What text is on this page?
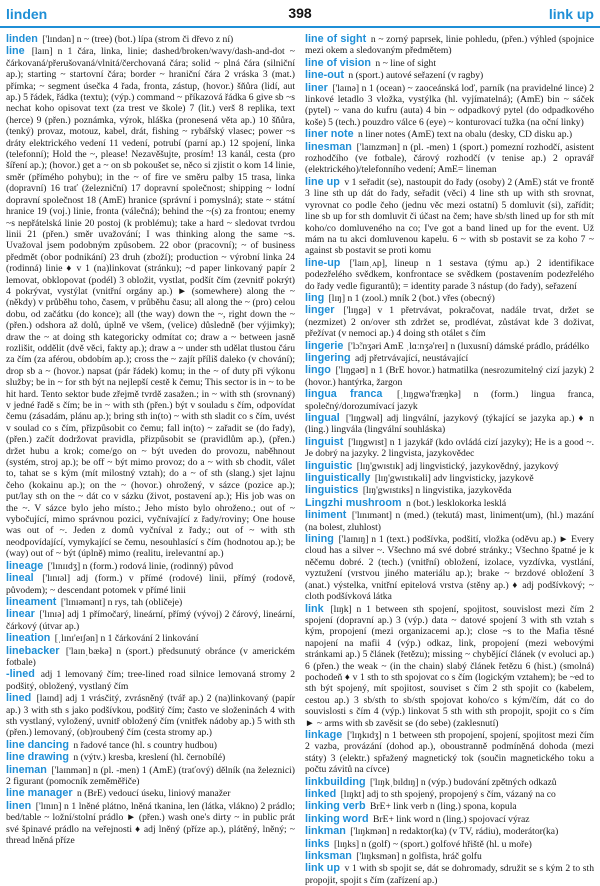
linden	398	link up

linden ['lɪndən] n ~ (tree) (bot.) lípa (strom či dřevo z ní)

line [laɪn] n 1 čára, linka, linie; dashed/broken/wavy/dash-and-dot ~ čárkovaná/přerušovaná/vlnitá/čerchovaná čára; solid ~ plná čára (silniční ap.); starting ~ startovní čára; border ~ hraniční čára 2 vráska 3 (mat.) přímka; ~ segment úsečka 4 řada, fronta, zástup, (hovor.) šňůra (lidí, aut ap.) 5 řádek, řádka (textu); (výp.) command ~ příkazová řádka 6 give sb ~s nechat koho opisovat text (za trest ve škole) 7 (lit.) verš 8 replika, text (herce) 9 (přen.) poznámka, výrok, hláška (pronesená věta ap.) 10 šňůra, (tenký) provaz, motouz, kabel, drát, fishing ~ rybářský vlasec; power ~s dráty elektrického vedení 11 vedení, potrubí (parní ap.) 12 spojení, linka (telefonní); Hold the ~, please! Nezavěšujte, prosím! 13 kanál, cesta (pro šíření ap.); (hovor.) get a ~ on sb pokoušet se, něco si zjistit o kom 14 linie, směr (přímého pohybu); in the ~ of fire ve směru palby 15 trasa, linka (dopravní) 16 trať (železniční) 17 dopravní společnost; shipping ~ lodní dopravní společnost 18 (AmE) hranice (správní i pomyslná); state ~ státní hranice 19 (voj.) linie, fronta (válečná); behind the ~(s) za frontou; enemy ~s nepřátelská linie 20 postoj (k problému); take a hard ~ sledovat tvrdou linii 21 (přen.) směr uvažování; I was thinking along the same ~s. Uvažoval jsem podobným způsobem. 22 obor (pracovní); ~ of business předmět (obor podnikání) 23 druh (zboží); production ~ výrobní linka 24 (rodinná) linie ♦ v 1 (na)linkovat (stránku); ~d paper linkovaný papír 2 lemovat, obklopovat (podél) 3 obložit, vystlat, podšít čím (zevnitř pokrýt) 4 pokrývat, vystýlat (vnitřní orgány ap.) ► (somewhere) along the ~ (někdy) v průběhu toho, časem, v průběhu času; all along the ~ (pro) celou dobu, od začátku (do konce); all (the way) down the ~, right down the ~ (přen.) odshora až dolů, úplně ve všem, (velice) důsledně (ber výjimky); draw the ~ at doing sth kategoricky odmítat co; draw a ~ between jasně rozlišit, oddělit (dvě věci, fakty ap.); draw a ~ under sth udělat tlustou čáru za čím (za aférou, obdobím ap.); cross the ~ zajít příliš daleko (v chování); drop sb a ~ (hovor.) napsat (pár řádek) komu; in the ~ of duty při výkonu služby; be in ~ for sth být na nejlepší cestě k čemu; This sector is in ~ to be hit hard. Tento sektor bude zřejmě tvrdě zasažen.; in ~ with sth (srovnaný) v jedné řadě s čím; be in ~ with sth (přen.) být v souladu s čím, odpovídat čemu (zásadám, plánu ap.); bring sth in(to) ~ with sth sladit co s čím, uvést v soulad co s čím, přizpůsobit co čemu; fall in(to) ~ zařadit se (do řady), (přen.) začít dodržovat pravidla, přizpůsobit se (pravidlům ap.), (přen.) držet hubu a krok; come/go on ~ být uveden do provozu, naběhnout (systém, stroj ap.); be off ~ být mimo provoz; do a ~ with sb chodit, válet to, tahat se s kým (mít milostný vztah); do a ~ of sth (slang.) sjet lajnu čeho (kokainu ap.); on the ~ (hovor.) ohrožený, v sázce (pozice ap.); put/lay sth on the ~ dát co v sázku (život, postavení ap.); His job was on the ~. V sázce bylo jeho místo.; Jeho místo bylo ohroženo.; out of ~ vybočující, mimo správnou pozici, vyčnívající z řady/roviny; One house was out of ~. Jeden z domů vyčníval z řady.; out of ~ with sth neodpovídající, vymykající se čemu, nesouhlasící s čím (hodnotou ap.); be (way) out of ~ být (úplně) mimo (realitu, irelevantní ap.)

lineage ['lɪnɪɪdʒ] n (form.) rodová linie, (rodinný) původ

lineal ['lɪnɪəl] adj (form.) v přímé (rodové) linii, přímý (rodově, původem); ~ descendant potomek v přímé linii

lineament ['lɪnɪəmənt] n rys, tah (obličeje)

linear ['lɪnɪə] adj 1 přímočarý, lineární, přímý (vývoj) 2 čárový, lineární, čárkový (útvar ap.)

lineation [ˌlɪnɪ'eɪʃən] n 1 čárkování 2 linkování

linebacker ['laɪnˌbækə] n (sport.) předsunutý obránce (v americkém fotbale)

-lined adj 1 lemovaný čím; tree-lined road silnice lemovaná stromy 2 podšitý, obložený, vystlaný čím

lined [laɪnd] adj 1 vrásčitý, zvrásněný (tvář ap.) 2 (na)linkovaný (papír ap.) 3 with sth s jako podšívkou, podšitý čím; často ve složeninách 4 with sth vystlaný, vyložený, uvnitř obložený čím (vnitřek nádoby ap.) 5 with sth (přen.) lemovaný, (ob)roubený čím (cesta stromy ap.)

line dancing n řadové tance (hl. s country hudbou)

line drawing n (výtv.) kresba, kreslení (hl. černobílé)

lineman ['laɪnmən] n (pl. -men) 1 (AmE) (traťový) dělník (na železnici) 2 figurant (pomocník zeměměřiče)

line manager n (BrE) vedoucí úseku, liniový manažer

linen ['lɪnɪn] n 1 lněné plátno, lněná tkanina, len (látka, vlákno) 2 prádlo; bed/table ~ ložní/stolní prádlo ► (přen.) wash one's dirty ~ in public prát své špinavé prádlo na veřejnosti ♦ adj lněný (příze ap.), plátěný, lněný; ~ thread lněná příze

line of sight n ~ zorný paprsek, linie pohledu, (přen.) výhled (spojnice mezi okem a sledovaným předmětem)

line of vision n ~ line of sight

line-out n (sport.) autové seřazení (v ragby)

liner ['laɪnə] n 1 (ocean) ~ zaoceánská loď, parník (na pravidelné lince) 2 linkové letadlo 3 vložka, vystýlka (hl. vyjímatelná); (AmE) bin ~ sáček (pytel) ~ vana do kufru (auta) 4 bin ~ odpadkový pytel (do odpadkového koše) 5 (tech.) pouzdro válce 6 (eye) ~ konturovací tužka (na oční linky)

liner note n liner notes (AmE) text na obalu (desky, CD disku ap.)

linesman ['laɪnzmən] n (pl. -men) 1 (sport.) pomezní rozhodčí, asistent rozhodčího (ve fotbale), čárový rozhodčí (v tenise ap.) 2 opravář (elektrického)/telefonního vedení; AmE= lineman

line up v 1 seřadit (se), nastoupit do řady (osoby) 2 (AmE) stát ve frontě 3 line sth up dát do řady, seřadit (věci) 4 line sth up with sth srovnat, vyrovnat co podle čeho (jednu věc mezi ostatní) 5 domluvit (si), zařídit; line sb up for sth domluvit či účast na čem; have sb/sth lined up for sth mít koho/co domluveného na co; I've got a band lined up for the event. Už mám na tu akci domluvenou kapelu. 6 ~ with sb postavit se za koho 7 ~ against sb postavit se proti komu

line-up ['laɪnˌʌp], lineup n 1 sestava (týmu ap.) 2 identifikace podezřelého svědkem, konfrontace se svědkem (postavením podezřelého do řady vedle figurantů); = identity parade 3 nástup (do řady), seřazení

ling [lɪŋ] n 1 (zool.) mník 2 (bot.) vřes (obecný)

linger ['lɪŋgə] v 1 přetrvávat, pokračovat, nadále trvat, držet se (nezmizet) 2 on/over sth zdržet se, prodlévat, zůstávat kde 3 doživat, přežívat (v nemoci ap.) 4 doing sth otálet s čím

lingerie ['lɔ̃ːnʒəri AmE ˌlɑːnʒə'reɪ] n (luxusní) dámské prádlo, prádélko

lingering adj přetrvávající, neustávající

lingo ['lɪŋgəʊ] n 1 (BrE hovor.) hatmatilka (nesrozumitelný cizí jazyk) 2 (hovor.) hantýrka, žargon

lingua franca [ˌlɪŋgwə'fræŋkə] n (form.) lingua franca, společný/dorozumívací jazyk

lingual ['lɪŋgwəl] adj lingvální, jazykový (týkající se jazyka ap.) ♦ n (ling.) lingvála (lingvální souhláska)

linguist ['lɪŋgwɪst] n 1 jazykář (kdo ovládá cizí jazyky); He is a good ~. Je dobrý na jazyky. 2 lingvista, jazykovědec

linguistic [lɪŋ'gwɪstɪk] adj lingvistický, jazykovědný, jazykový

linguistically [lɪŋ'gwɪstɪkəli] adv lingvisticky, jazykově

linguistics [lɪŋ'gwɪstɪks] n lingvistika, jazykověda

Lingzhi mushroom n (bot.) lesklokorka lesklá

liniment ['lɪnɪmənt] n (med.) (tekutá) mast, liniment(um), (hl.) mazání (na bolest, zluhlost)

lining ['laɪnɪŋ] n 1 (text.) podšívka, podšití, vložka (oděvu ap.) ► Every cloud has a silver ~. Všechno má své dobré stránky.; Všechno špatné je k něčemu dobré. 2 (tech.) (vnitřní) obložení, izolace, vyzdívka, vystlání, vyztužení (vrstvou jiného materiálu ap.); brake ~ brzdové obložení 3 (anat.) výstelka, vnitřní epitelová vrstva (stěny ap.) ♦ adj podšívkový; ~ cloth podšívková látka

link [lɪŋk] n 1 between sth spojení, spojitost, souvislost mezi čím 2 spojení (dopravní ap.) 3 (výp.) data ~ datové spojení 3 with sth vztah s kým, propojení (mezi organizacemi ap.); close ~s to the Mafia těsné napojení na mafii 4 (výp.) odkaz, link, propojení (mezi webovými stránkami ap.) 5 článek (řetězu); missing ~ chybějící článek (v evoluci ap.) 6 (přen.) the weak ~ (in the chain) slabý článek řetězu 6 (hist.) (smolná) pochodeň ♦ v 1 sth to sth spojovat co s čím (logickým vztahem); be ~ed to sth být spojený, mít spojitost, souviset s čím 2 sth spojit co (kabelem, cestou ap.) 3 sb/sth to sb/sth spojovat koho/co s kým/čím, dát co do souvislosti s čím 4 (výp.) linkovat 5 sth with sth propojit, spojit co s čím ► ~ arms with sb zavěsit se (do sebe) (zaklesnutí)

linkage ['lɪŋkɪdʒ] n 1 between sth propojení, spojení, spojitost mezi čím 2 vazba, provázání (dohod ap.), oboustranně podmíněná dohoda (mezi státy) 3 (elektr.) spřažený magnetický tok (součin magnetického toku a počtu závitů na cívce)

linkbuilding ['lɪŋkˌbɪldɪŋ] n (výp.) budování zpětných odkazů

linked [lɪŋkt] adj to sth spojený, propojený s čím, vázaný na co

linking verb BrE+ link verb n (ling.) spona, kopula

linking word BrE+ link word n (ling.) spojovací výraz

linkman ['lɪŋkmən] n redaktor(ka) (v TV, rádiu), moderátor(ka)

links [lɪŋks] n (golf) ~ (sport.) golfové hřiště (hl. u moře)

linksman ['lɪŋksmən] n golfista, hráč golfu

link up v 1 with sb spojit se, dát se dohromady, sdružit se s kým 2 to sth propojit, spojit s čím (zařízení ap.)
